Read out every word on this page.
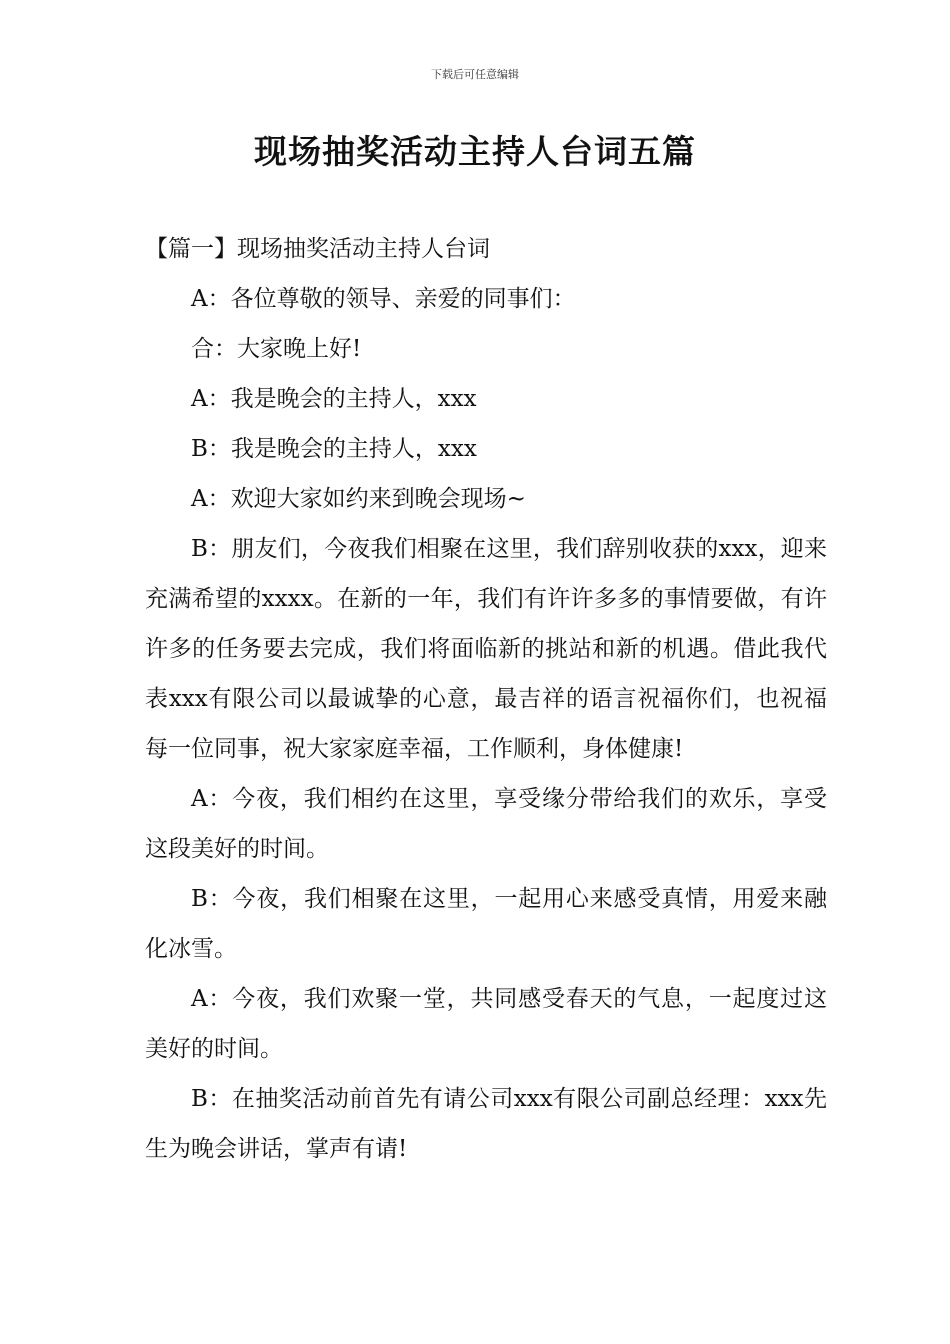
下载后可任意编辑
现场抽奖活动主持人台词五篇
【篇一】现场抽奖活动主持人台词

A：各位尊敬的领导、亲爱的同事们：

合：大家晚上好!

A：我是晚会的主持人，xxx

B：我是晚会的主持人，xxx

A：欢迎大家如约来到晚会现场~

B：朋友们，今夜我们相聚在这里，我们辞别收获的xxx，迎来充满希望的xxxx。在新的一年，我们有许许多多的事情要做，有许许多的任务要去完成，我们将面临新的挑站和新的机遇。借此我代表xxx有限公司以最诚挚的心意，最吉祥的语言祝福你们，也祝福每一位同事，祝大家家庭幸福，工作顺利，身体健康!

A：今夜，我们相约在这里，享受缘分带给我们的欢乐，享受这段美好的时间。

B：今夜，我们相聚在这里，一起用心来感受真情，用爱来融化冰雪。

A：今夜，我们欢聚一堂，共同感受春天的气息，一起度过这美好的时间。

B：在抽奖活动前首先有请公司xxx有限公司副总经理：xxx先生为晚会讲话，掌声有请!
